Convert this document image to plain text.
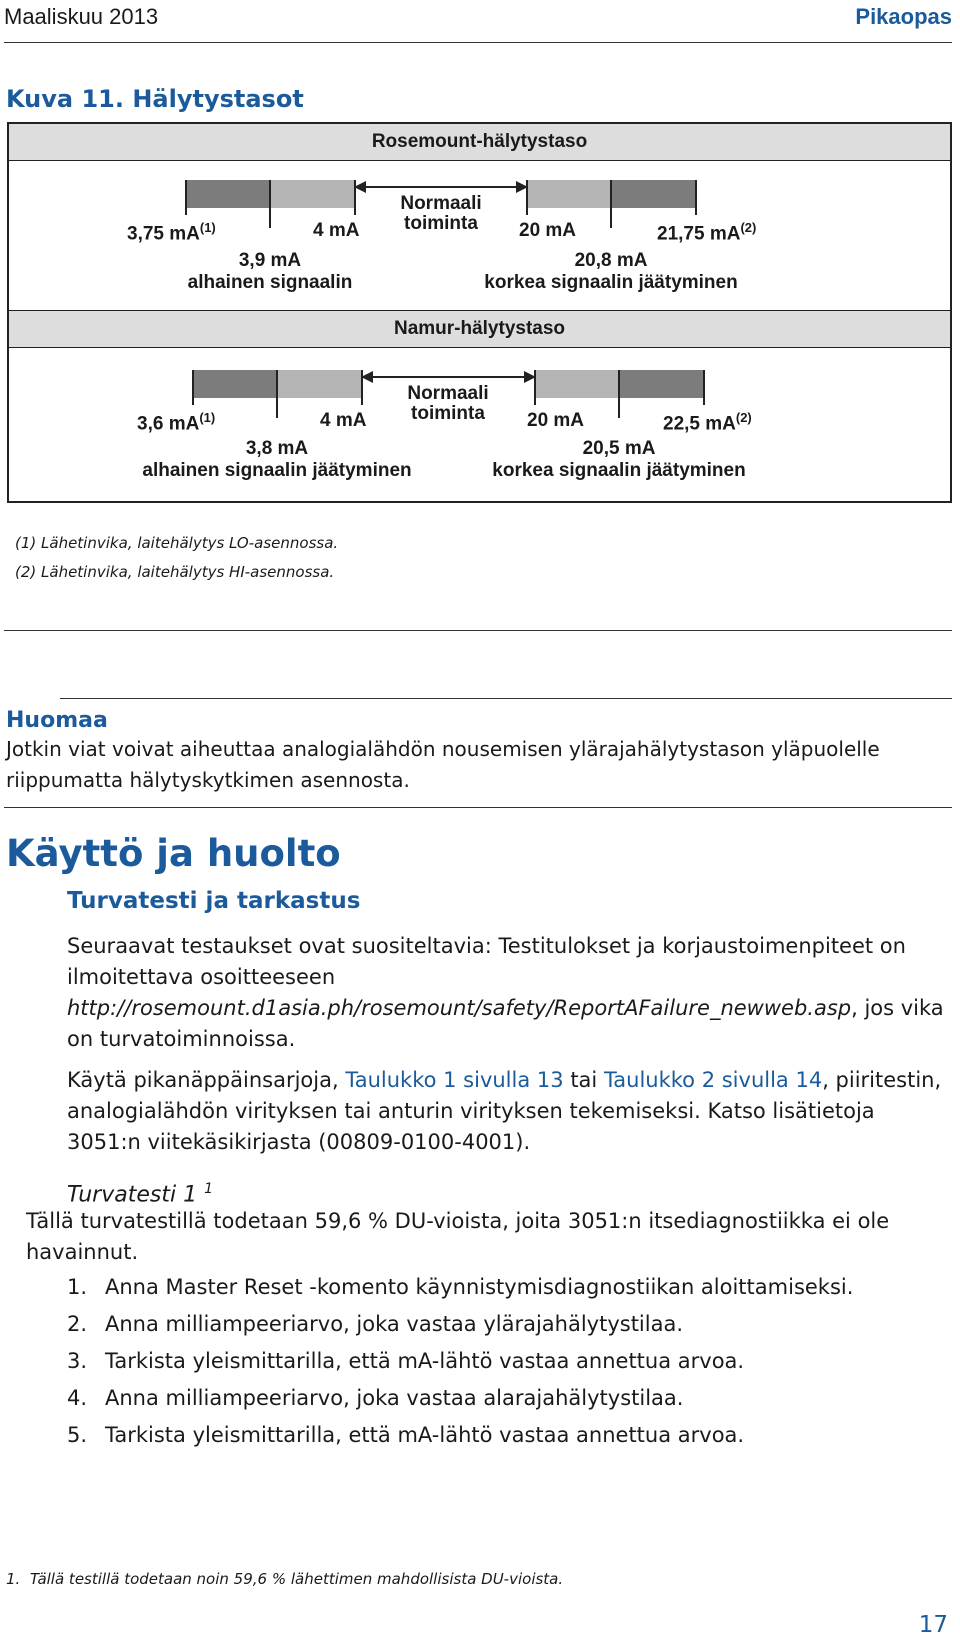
Maaliskuu 2013	Pikaopas
Kuva 11. Hälytystasot
Rosemount-hälytystaso
Normaali toiminta
3,75 $mA^{(1)}$	4 mA	20 mA	21,75 $mA^{(2)}$
3,9 mA
alhainen signaalin
20,8 mA
korkea signaalin jäätyminen
Namur-hälytystaso
Normaali toiminta
3,6 $mA^{(1)}$	4 mA	20 mA	22,5 $mA^{(2)}$
3,8 mA
alhainen signaalin jäätyminen
20,5 mA
korkea signaalin jäätyminen
(1) Lähetinvika, laitehälytys LO-asennossa.
(2) Lähetinvika, laitehälytys HI-asennossa.
Huomaa
Jotkin viat voivat aiheuttaa analogialähdön nousemisen ylärajahälytystason yläpuolelle riippumatta hälytyskytkimen asennosta.
Käyttö ja huolto
Turvatesti ja tarkastus
Seuraavat testaukset ovat suositeltavia: Testitulokset ja korjaustoimenpiteet on ilmoitettava osoitteeseen http://rosemount.d1asia.ph/rosemount/safety/ReportAFailure_newweb.asp, jos vika on turvatoiminnoissa.
Käytä pikanäppäinsarjoja, Taulukko 1 sivulla 13 tai Taulukko 2 sivulla 14, piiritestin, analogialähdön virityksen tai anturin virityksen tekemiseksi. Katso lisätietoja 3051:n viitekäsikirjasta (00809-0100-4001).
Turvatesti 1 $^1$
Tällä turvatestillä todetaan 59,6 % DU-vioista, joita 3051:n itsediagnostiikka ei ole havainnut.
1. Anna Master Reset -komento käynnistymisdiagnostiikan aloittamiseksi.
2. Anna milliampeeriarvo, joka vastaa ylärajahälytystilaa.
3. Tarkista yleismittarilla, että mA-lähtö vastaa annettua arvoa.
4. Anna milliampeeriarvo, joka vastaa alarajahälytystilaa.
5. Tarkista yleismittarilla, että mA-lähtö vastaa annettua arvoa.
1. Tällä testillä todetaan noin 59,6 % lähettimen mahdollisista DU-vioista.
17
